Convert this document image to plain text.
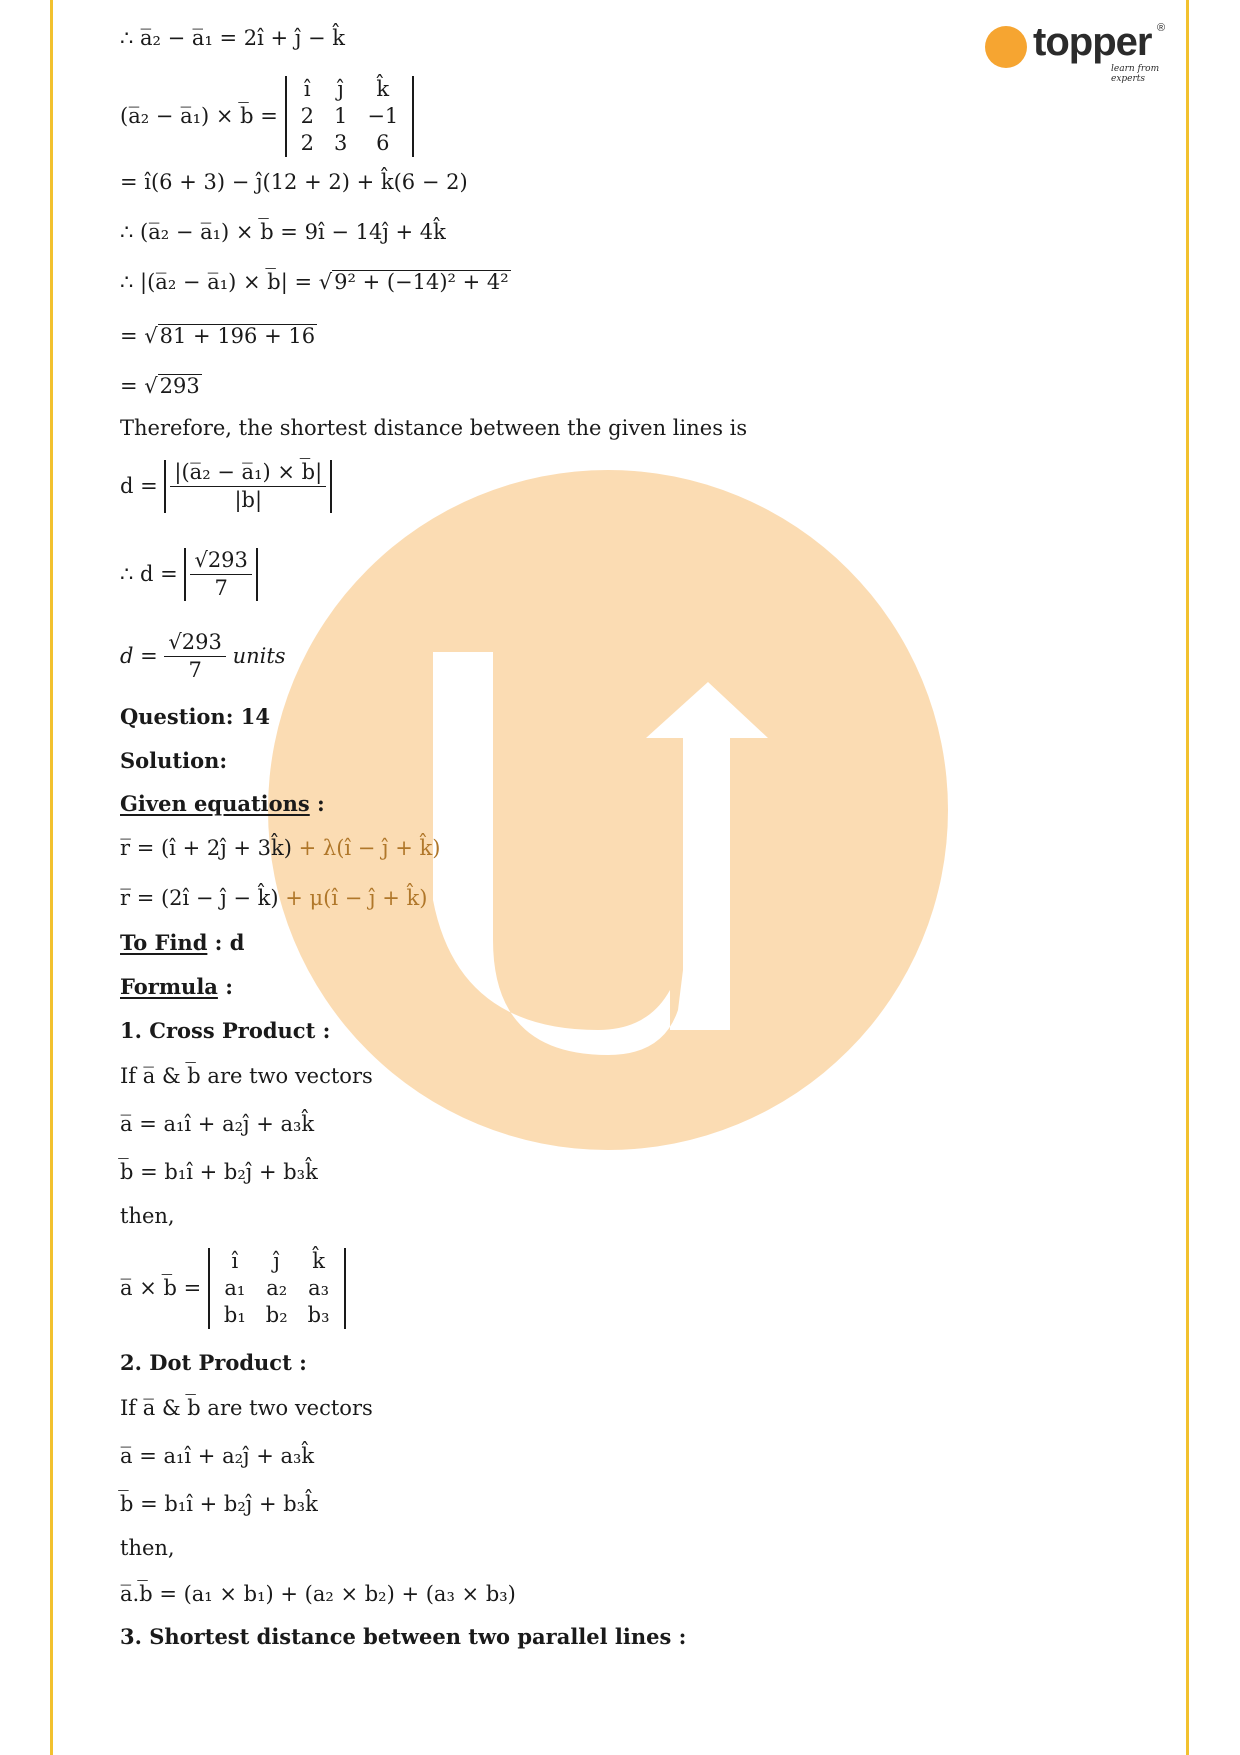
topper ®
learn from experts
∴ a̅₂ − a̅₁ = 2î + ĵ − k̂
(a̅₂ − a̅₁) × b̅ =
î
2
2
ĵ
1
3
k̂
−1
6
= î(6 + 3) − ĵ(12 + 2) + k̂(6 − 2)
∴ (a̅₂ − a̅₁) × b̅ = 9î − 14ĵ + 4k̂
∴ |(a̅₂ − a̅₁) × b̅| = √9² + (−14)² + 4²
= √81 + 196 + 16
= √293
Therefore, the shortest distance between the given lines is
$d = \frac{\text{|(a̅₂ − a̅₁) × b̅|}}{|b̅|}$
∴ $d = \frac{√293}{7}$
$d = \frac{√293}{7}$ units
Question: 14
Solution:
Given equations :
r̅ = (î + 2ĵ + 3k̂) + λ(î − ĵ + k̂)
r̅ = (2î − ĵ − k̂) + μ(î − ĵ + k̂)
To Find : d
Formula :
1. Cross Product :
If a̅ & b̅ are two vectors
a̅ = a₁î + a₂ĵ + a₃k̂
b̅ = b₁î + b₂ĵ + b₃k̂
then,
a̅ × b̅ =
î
a₁
b₁
ĵ
a₂
b₂
k̂
a₃
b₃
2. Dot Product :
If a̅ & b̅ are two vectors
a̅ = a₁î + a₂ĵ + a₃k̂
b̅ = b₁î + b₂ĵ + b₃k̂
then,
a̅.b̅ = (a₁ × b₁) + (a₂ × b₂) + (a₃ × b₃)
3. Shortest distance between two parallel lines :
